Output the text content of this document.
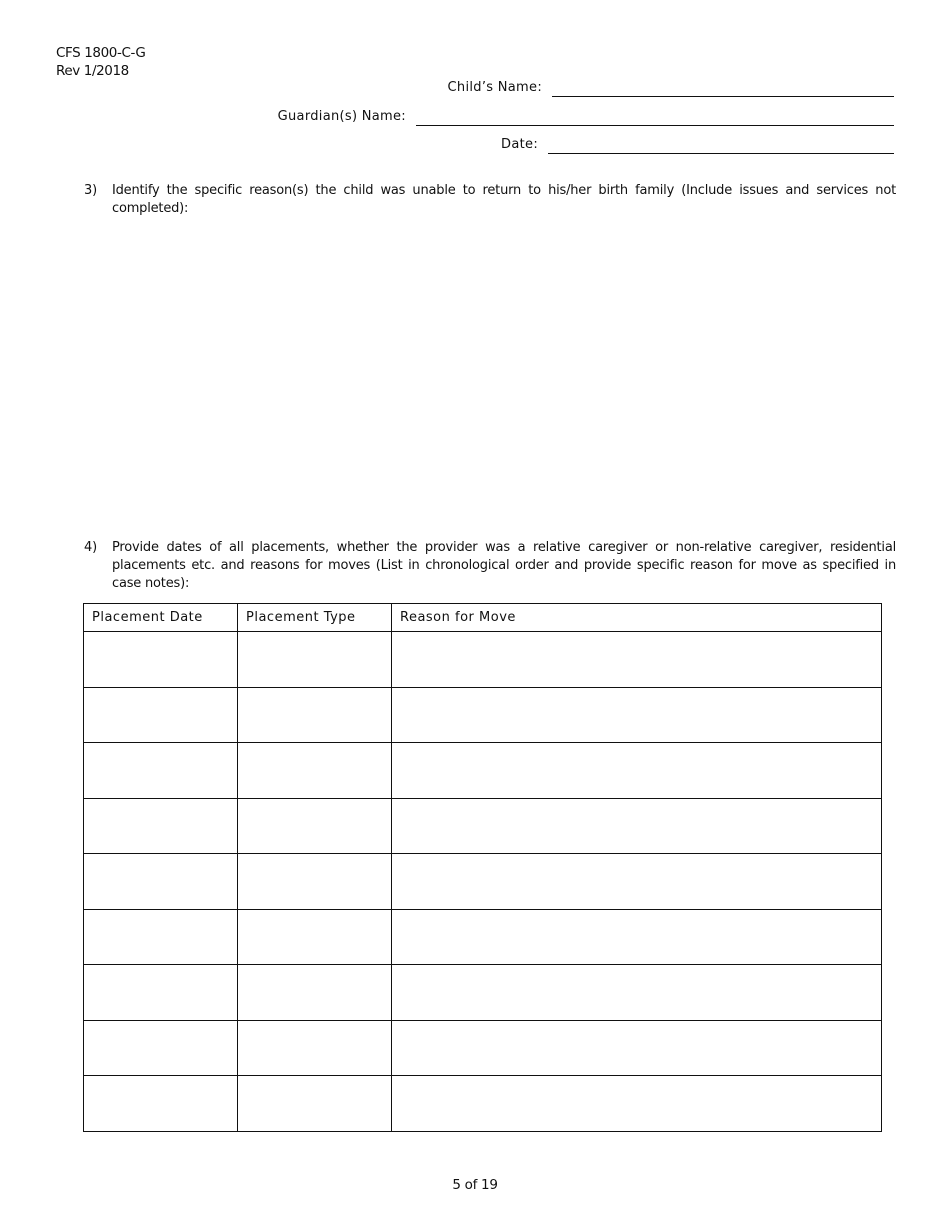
CFS 1800-C-G
Rev 1/2018
Child’s Name:
Guardian(s) Name:
Date:
3) Identify the specific reason(s) the child was unable to return to his/her birth family (Include issues and services not completed):
4) Provide dates of all placements, whether the provider was a relative caregiver or non-relative caregiver, residential placements etc. and reasons for moves (List in chronological order and provide specific reason for move as specified in case notes):
Placement Date	Placement Type	Reason for Move

5 of 19
